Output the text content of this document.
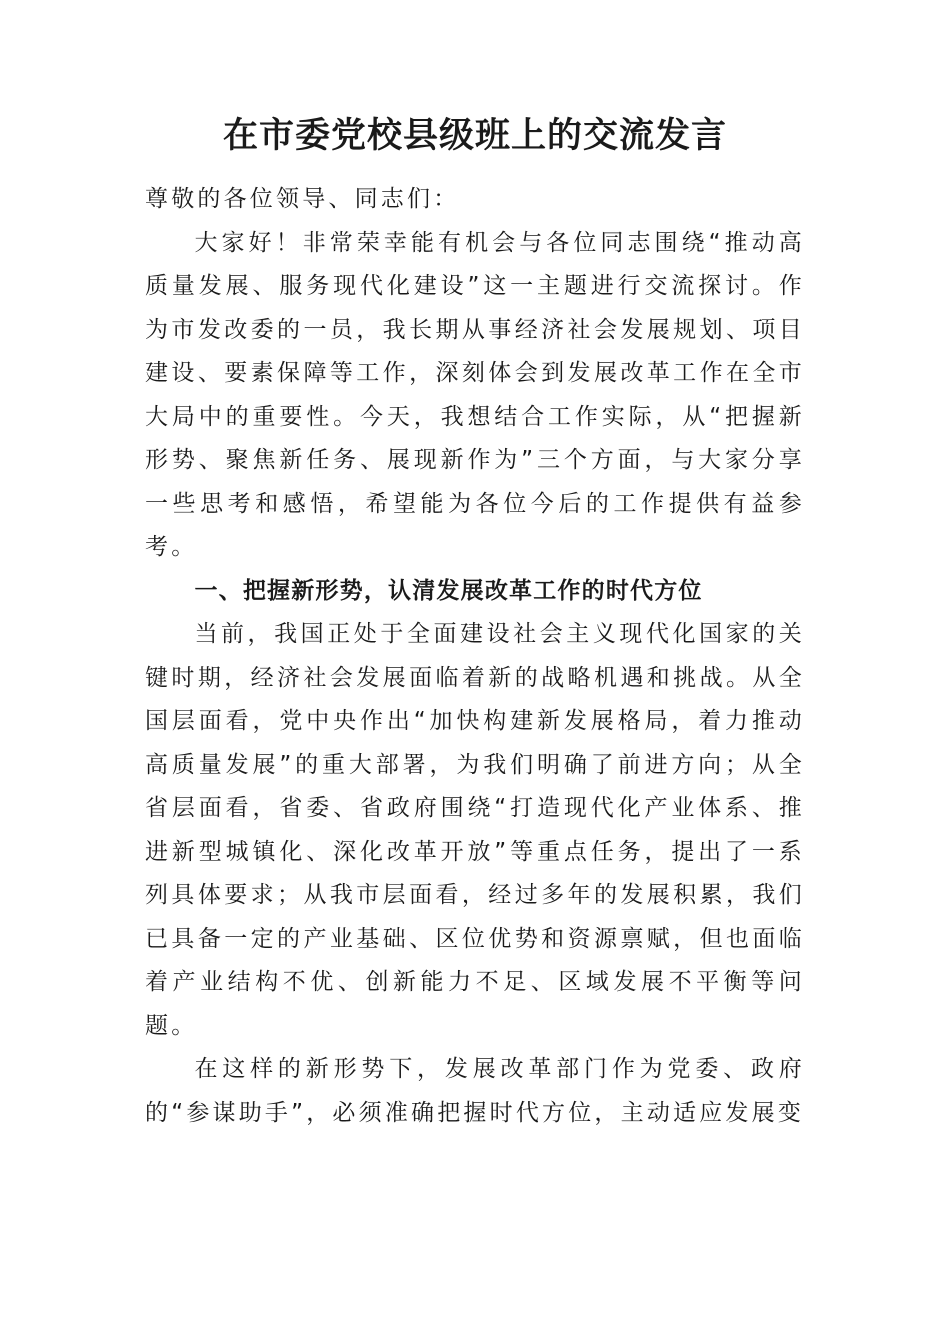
在市委党校县级班上的交流发言

尊敬的各位领导、同志们：

大家好！非常荣幸能有机会与各位同志围绕“推动高质量发展、服务现代化建设”这一主题进行交流探讨。作为市发改委的一员，我长期从事经济社会发展规划、项目建设、要素保障等工作，深刻体会到发展改革工作在全市大局中的重要性。今天，我想结合工作实际，从“把握新形势、聚焦新任务、展现新作为”三个方面，与大家分享一些思考和感悟，希望能为各位今后的工作提供有益参考。

一、把握新形势，认清发展改革工作的时代方位

当前，我国正处于全面建设社会主义现代化国家的关键时期，经济社会发展面临着新的战略机遇和挑战。从全国层面看，党中央作出“加快构建新发展格局，着力推动高质量发展”的重大部署，为我们明确了前进方向；从全省层面看，省委、省政府围绕“打造现代化产业体系、推进新型城镇化、深化改革开放”等重点任务，提出了一系列具体要求；从我市层面看，经过多年的发展积累，我们已具备一定的产业基础、区位优势和资源禀赋，但也面临着产业结构不优、创新能力不足、区域发展不平衡等问题。

在这样的新形势下，发展改革部门作为党委、政府的“参谋助手”，必须准确把握时代方位，主动适应发展变
